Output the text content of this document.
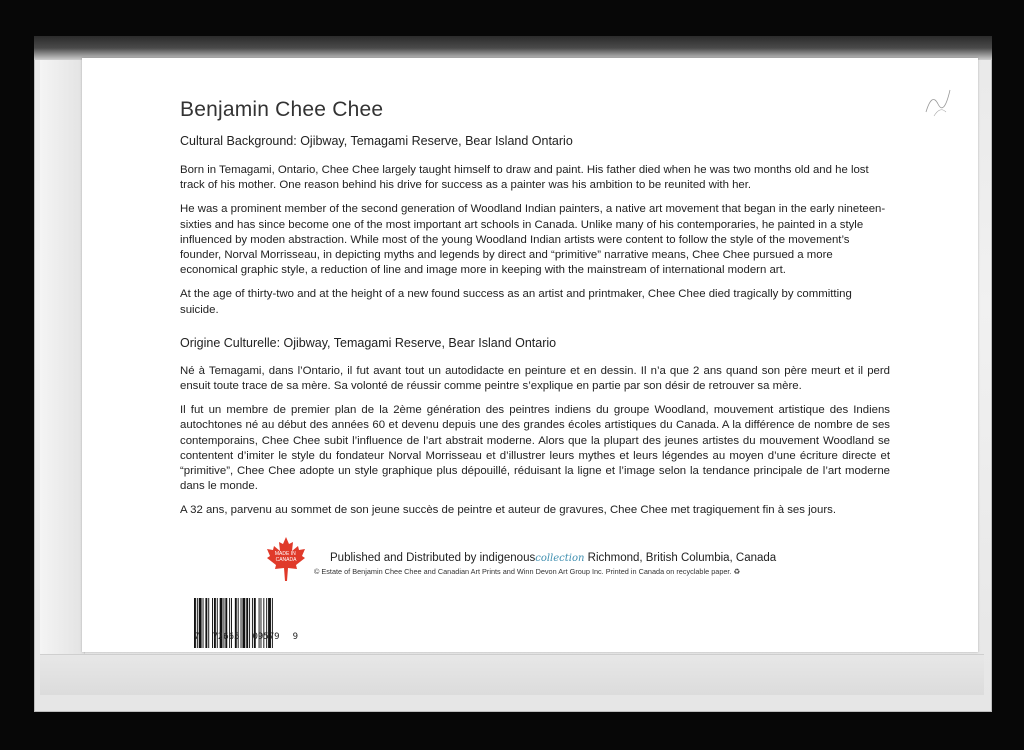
Benjamin Chee Chee
Cultural Background: Ojibway, Temagami Reserve, Bear Island Ontario

Born in Temagami, Ontario, Chee Chee largely taught himself to draw and paint. His father died when he was two months old and he lost track of his mother. One reason behind his drive for success as a painter was his ambition to be reunited with her.

He was a prominent member of the second generation of Woodland Indian painters, a native art movement that began in the early nineteen-sixties and has since become one of the most important art schools in Canada. Unlike many of his contemporaries, he painted in a style influenced by moden abstraction. While most of the young Woodland Indian artists were content to follow the style of the movement’s founder, Norval Morrisseau, in depicting myths and legends by direct and “primitive” narrative means, Chee Chee pursued a more economical graphic style, a reduction of line and image more in keeping with the mainstream of international modern art.

At the age of thirty-two and at the height of a new found success as an artist and printmaker, Chee Chee died tragically by committing suicide.

Origine Culturelle: Ojibway, Temagami Reserve, Bear Island Ontario

Né à Temagami, dans l’Ontario, il fut avant tout un autodidacte en peinture et en dessin. Il n’a que 2 ans quand son père meurt et il perd ensuit toute trace de sa mère. Sa volonté de réussir comme peintre s’explique en partie par son désir de retrouver sa mère.

Il fut un membre de premier plan de la 2ème génération des peintres indiens du groupe Woodland, mouvement artistique des Indiens autochtones né au début des années 60 et devenu depuis une des grandes écoles artistiques du Canada. A la différence de nombre de ses contemporains, Chee Chee subit l’influence de l’art abstrait moderne. Alors que la plupart des jeunes artistes du mouvement Woodland se contentent d’imiter le style du fondateur Norval Morrisseau et d’illustrer leurs mythes et leurs légendes au moyen d’une écriture directe et “primitive”, Chee Chee adopte un style graphique plus dépouillé, réduisant la ligne et l’image selon la tendance principale de l’art moderne dans le monde.

A 32 ans, parvenu au sommet de son jeune succès de peintre et auteur de gravures, Chee Chee met tragiquement fin à ses jours.

MADE IN CANADA	Published and Distributed by indigenouscollection Richmond, British Columbia, Canada
© Estate of Benjamin Chee Chee and Canadian Art Prints and Winn Devon Art Group Inc. Printed in Canada on recyclable paper. ♻
7 72665 09579 9
